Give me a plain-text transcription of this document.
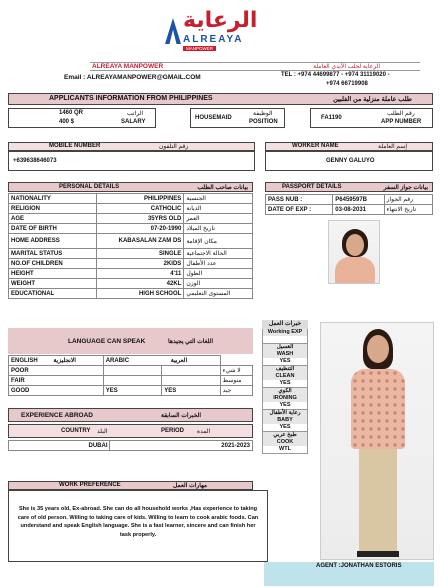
الرعاية
ALREAYA
MANPOWER
ALREAYA MANPOWER	الرعاية لجلب الأيدي العاملة
Email : ALREAYAMANPOWER@GMAIL.COM	TEL : +974 44699877 - +974 31119020 -
+974 66719908
APPLICANTS INFORMATION FROM PHILIPPINES	طلب عاملة منزلية من الفلبين
1460 QR
400 $
الراتب
SALARY
HOUSEMAID
الوظيفة
POSITION
FA1190
رقم الطلب
APP NUMBER
MOBILE NUMBER	رقم التلفون
+639638646073
WORKER NAME	إسم العاملة
GENNY GALUYO
PERSONAL DETAILS	بيانات صاحب الطلب
NATIONALITY	PHILIPPINES	الجنسية
RELIGION	CATHOLIC	الديانة
AGE	35YRS OLD	العمر
DATE OF BIRTH	07-20-1990	تاريخ الميلاد
HOME ADDRESS	KABASALAN ZAM DS	مكان الإقامة
MARITAL STATUS	SINGLE	الحالة الاجتماعية
NO.OF CHILDREN	2KIDS	عدد الأطفال
HEIGHT	4'11	الطول
WEIGHT	42KL	الوزن
EDUCATIONAL	HIGH SCHOOL	المستوى التعليمي
PASSPORT DETAILS	بيانات جواز السفر
PASS NUB :	P6459597B	رقم الجواز
DATE OF EXP :	03-08-2031	تاريخ الانتهاء
خبرات العمل
Working EXP
الغسيل
WASH
YES
التنظيف
CLEAN
YES
الكوي
IRONING
YES
رعاية الأطفال
BABY
YES
طبخ عربي
COOK
WTL
LANGUAGE CAN SPEAK	اللغات التي يجيدها
ENGLISH الانجليزية	ARABIC العربية		
POOR			لا شيء
FAIR			متوسط
GOOD	YES	YES	جيد
EXPERIENCE ABROAD	الخبرات السابقة
COUNTRY البلد	PERIOD المدة
DUBAI	2021-2023
WORK PREFERENCE	مهارات العمل
She is 35 years old, Ex-abroad. She can do all household works ,Has experience to taking care of old person. Willing to taking care of kids. Willing to learn to cook arabic foods. Can understand and speak English language. She is a fast learner, sincere and can finish her task properly.
AGENT :JONATHAN ESTORIS
